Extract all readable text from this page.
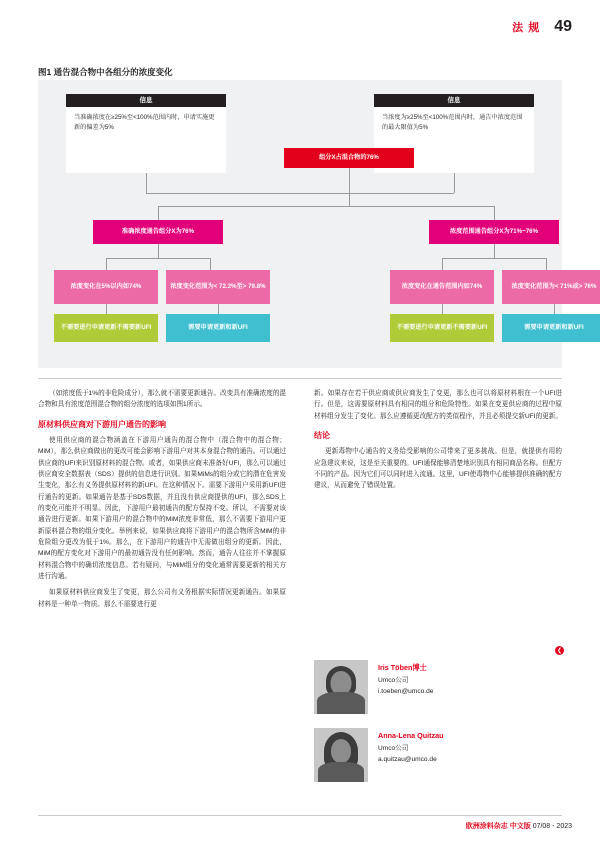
法 规 49
图1 通告混合物中各组分的浓度变化
信息
当准确浓度在≥25%至<100%范围内时，申请实施更新的偏差为5%
信息
当浓度为≥25%至<100%范围内时，通告中浓度范围的最大限值为5%
组分X占混合物的76%
准确浓度通告组分X为76%	浓度范围通告组分X为71%~76%
浓度变化在5%以内如74%	浓度变化范围为< 72.2%至> 79.8%	浓度变化在通告范围内如74%	浓度变化范围为< 71%或> 76%
不需要进行申请更新不需要新UFI	需要申请更新和新UFI	不需要进行申请更新不需要新UFI	需要申请更新和新UFI

（如浓度低于1%的非危险成分），那么就不需要更新通告。改变具有准确浓度的混合物和具有浓度范围混合物的组分浓度的选项如图1所示。

原材料供应商对下游用户通告的影响

使用供应商的混合物涵盖在下游用户通告的混合物中（混合物中的混合物；MiM），那么供应商做出的更改可能会影响下游用户对其本身混合物的通告。可以通过供应商的UFI来识别原材料的混合物。或者，如果供应商未准备好UFI，那么可以通过供应商安全数据表（SDS）提供的信息进行识别。如果MiMs的组分或它的潜在危害发生变化，那么有义务提供原材料的新UFI。在这种情况下。需要下游用户采用新UFI进行通告的更新。如果通告是基于SDS数据，并且没有供应商提供的UFI，那么SDS上的变化可能并不明显。因此，下游用户最初通告的配方保持不变。所以，不需要对该通告进行更新。如果下游用户的混合物中的MiM浓度非常低，那么不需要下游用户更新原料混合物的组分变化。举例来说，如果供应商将下游用户的混合物所含MiM的非危险组分更改为低于1%。那么，在下游用户的通告中无需做出组分的更新。因此，MiM的配方变化对下游用户的最初通告没有任何影响。然而，通告人往往并不掌握原材料混合物中的确切浓度信息。若有疑问，与MiM组分的变化通常需要更新的相关方进行沟通。

如果原材料供应商发生了变更，那么公司有义务根据实际情况更新通告。如果原材料是一种单一物质。那么不需要进行更

新。如果存在若干供应商或供应商发生了变更，那么也可以将原材料根在一个UFI进行。但是，这需要原材料具有相同的组分和危险特性。如果在变更供应商的过程中原材料组分发生了变化。那么应遵循更改配方的类似程序，并且必须提交新UFI的更新。

结论

更新毒物中心通告的义务给受影响的公司带来了更多挑战。但是，就提供有用的应急建议来说，这是至关重要的。UFI通保能够清楚地识别具有相同商品名称。但配方不同的产品。因为它们可以同时进入流通。这里，UFI使毒物中心能够提供准确的配方建议，从而避免了错误处置。

❮
Iris Töben博士
Umco公司
i.toeben@umco.de
Anna-Lena Quitzau
Umco公司
a.quitzau@umco.de
欧洲涂料杂志 中文版 07/08 - 2023
